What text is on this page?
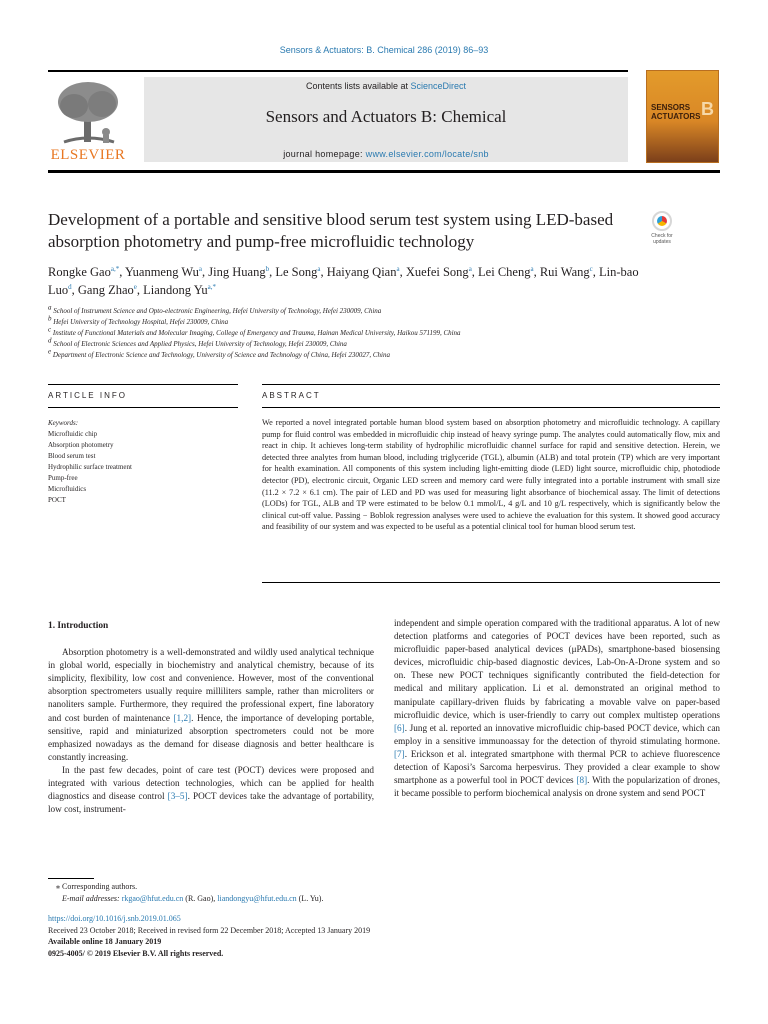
Sensors & Actuators: B. Chemical 286 (2019) 86–93
ELSEVIER
Contents lists available at ScienceDirect
Sensors and Actuators B: Chemical
journal homepage: www.elsevier.com/locate/snb
SENSORS
ACTUATORS B
Development of a portable and sensitive blood serum test system using LED-based absorption photometry and pump-free microfluidic technology	Check for updates
Rongke Gao$^{a,*}$, Yuanmeng Wu$^a$, Jing Huang$^b$, Le Song$^a$, Haiyang Qian$^a$, Xuefei Song$^a$, Lei Cheng$^a$, Rui Wang$^c$, Lin-bao Luo$^d$, Gang Zhao$^e$, Liandong $Yu^{a,*}$
$^a$ School of Instrument Science and Opto-electronic Engineering, Hefei University of Technology, Hefei 230009, China
$^b$ Hefei University of Technology Hospital, Hefei 230009, China
$^c$ Institute of Functional Materials and Molecular Imaging, College of Emergency and Trauma, Hainan Medical University, Haikou 571199, China
$^d$ School of Electronic Sciences and Applied Physics, Hefei University of Technology, Hefei 230009, China
$^e$ Department of Electronic Science and Technology, University of Science and Technology of China, Hefei 230027, China
ARTICLE INFO	ABSTRACT
Keywords:
Microfluidic chip
Absorption photometry
Blood serum test
Hydrophilic surface treatment
Pump-free
Microfluidics
POCT
We reported a novel integrated portable human blood system based on absorption photometry and microfluidic technology. A capillary pump for fluid control was embedded in microfluidic chip instead of heavy syringe pump. The analytes could automatically flow, mix and react in chip. It achieves long-term stability of hydrophilic microfluidic channel surface for rapid and sensitive detection. Herein, we detected three analytes from human blood, including triglyceride (TGL), albumin (ALB) and total protein (TP) which are very important for health examination. All components of this system including light-emitting diode (LED) light source, microfluidic chip, photodiode detector (PD), electronic circuit, Organic LED screen and memory card were fully integrated into a portable instrument with small size (11.2 × 7.2 × 6.1 cm). The pair of LED and PD was used for measuring light absorbance of biochemical assay. The limit of detections (LODs) for TGL, ALB and TP were estimated to be below 0.1 mmol/L, 4 g/L and 10 g/L respectively, which is significantly below the clinical cut-off value. Passing − Boblok regression analyses were used to achieve the evaluation for this system. It showed good accuracy and feasibility of our system and was expected to be useful as a potential clinical tool for human blood serum test.
1. Introduction

Absorption photometry is a well-demonstrated and wildly used analytical technique in global world, especially in biochemistry and analytical chemistry, because of its simplicity, flexibility, low cost and convenience. However, most of the conventional absorption spectrometers usually require milliliters sample, rather than microliters or nanoliters sample. Furthermore, they required the professional expert, fine laboratory and cost burden of maintenance [1,2]. Hence, the importance of developing portable, sensitive, rapid and miniaturized absorption spectrometers could not be more emphasized nowadays as the demand for disease diagnosis and better healthcare is constantly increasing.

In the past few decades, point of care test (POCT) devices were proposed and integrated with various detection technologies, which can be applied for health diagnostics and disease control [3–5]. POCT devices take the advantage of portability, low cost, instrument-

independent and simple operation compared with the traditional apparatus. A lot of new detection platforms and categories of POCT devices have been reported, such as microfluidic paper-based analytical devices (μPADs), smartphone-based biosensing devices, microfluidic chip-based diagnostic devices, Lab-On-A-Drone system and so on. These new POCT techniques significantly contributed the field-detection for medical and military application. Li et al. demonstrated an original method to manipulate capillary-driven fluids by fabricating a movable valve on paper-based microfluidic device, which is user-friendly to carry out complex multistep operations [6]. Jung et al. reported an innovative microfluidic chip-based POCT device, which can employ in a sensitive immunoassay for the detection of thyroid stimulating hormone. [7]. Erickson et al. integrated smartphone with thermal PCR to achieve fluorescence detection of Kaposi’s Sarcoma herpesvirus. They provided a clear example to show smartphone as a powerful tool in POCT devices [8]. With the popularization of drones, it became possible to perform biochemical analysis on drone system and send POCT

⁎ Corresponding authors.
E-mail addresses: rkgao@hfut.edu.cn (R. Gao), liandongyu@hfut.edu.cn (L. Yu).
https://doi.org/10.1016/j.snb.2019.01.065
Received 23 October 2018; Received in revised form 22 December 2018; Accepted 13 January 2019
Available online 18 January 2019
0925-4005/ © 2019 Elsevier B.V. All rights reserved.
